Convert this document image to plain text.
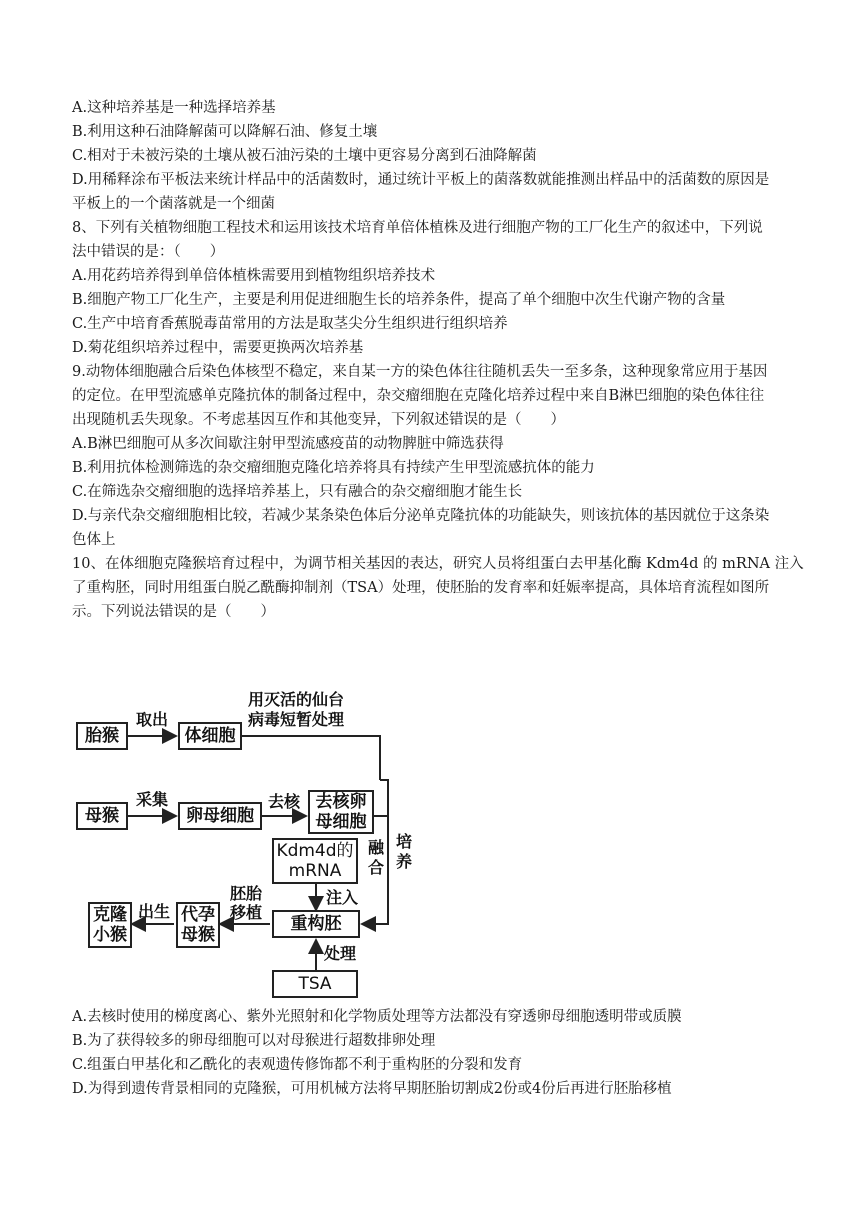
A.这种培养基是一种选择培养基
B.利用这种石油降解菌可以降解石油、修复土壤
C.相对于未被污染的土壤从被石油污染的土壤中更容易分离到石油降解菌
D.用稀释涂布平板法来统计样品中的活菌数时，通过统计平板上的菌落数就能推测出样品中的活菌数的原因是
平板上的一个菌落就是一个细菌
8、下列有关植物细胞工程技术和运用该技术培育单倍体植株及进行细胞产物的工厂化生产的叙述中，下列说
法中错误的是：（　　）
A.用花药培养得到单倍体植株需要用到植物组织培养技术
B.细胞产物工厂化生产，主要是利用促进细胞生长的培养条件，提高了单个细胞中次生代谢产物的含量
C.生产中培育香蕉脱毒苗常用的方法是取茎尖分生组织进行组织培养
D.菊花组织培养过程中，需要更换两次培养基
9.动物体细胞融合后染色体核型不稳定，来自某一方的染色体往往随机丢失一至多条，这种现象常应用于基因
的定位。在甲型流感单克隆抗体的制备过程中，杂交瘤细胞在克隆化培养过程中来自B淋巴细胞的染色体往往
出现随机丢失现象。不考虑基因互作和其他变异，下列叙述错误的是（　　）
A.B淋巴细胞可从多次间歇注射甲型流感疫苗的动物脾脏中筛选获得
B.利用抗体检测筛选的杂交瘤细胞克隆化培养将具有持续产生甲型流感抗体的能力
C.在筛选杂交瘤细胞的选择培养基上，只有融合的杂交瘤细胞才能生长
D.与亲代杂交瘤细胞相比较，若减少某条染色体后分泌单克隆抗体的功能缺失，则该抗体的基因就位于这条染
色体上
10、在体细胞克隆猴培育过程中，为调节相关基因的表达，研究人员将组蛋白去甲基化酶 Kdm4d 的 mRNA 注入
了重构胚，同时用组蛋白脱乙酰酶抑制剂（TSA）处理，使胚胎的发育率和妊娠率提高，具体培育流程如图所
示。下列说法错误的是（　　）
胎猴
取出
体细胞
用灭活的仙台
病毒短暂处理
母猴
采集
卵母细胞
去核 去核卵
母细胞
融合
培养
Kdm4d的
mRNA
注入
重构胚
处理
TSA
胚胎
移植
代孕
母猴
出生
克隆
小猴
A.去核时使用的梯度离心、紫外光照射和化学物质处理等方法都没有穿透卵母细胞透明带或质膜
B.为了获得较多的卵母细胞可以对母猴进行超数排卵处理
C.组蛋白甲基化和乙酰化的表观遗传修饰都不利于重构胚的分裂和发育
D.为得到遗传背景相同的克隆猴，可用机械方法将早期胚胎切割成2份或4份后再进行胚胎移植
